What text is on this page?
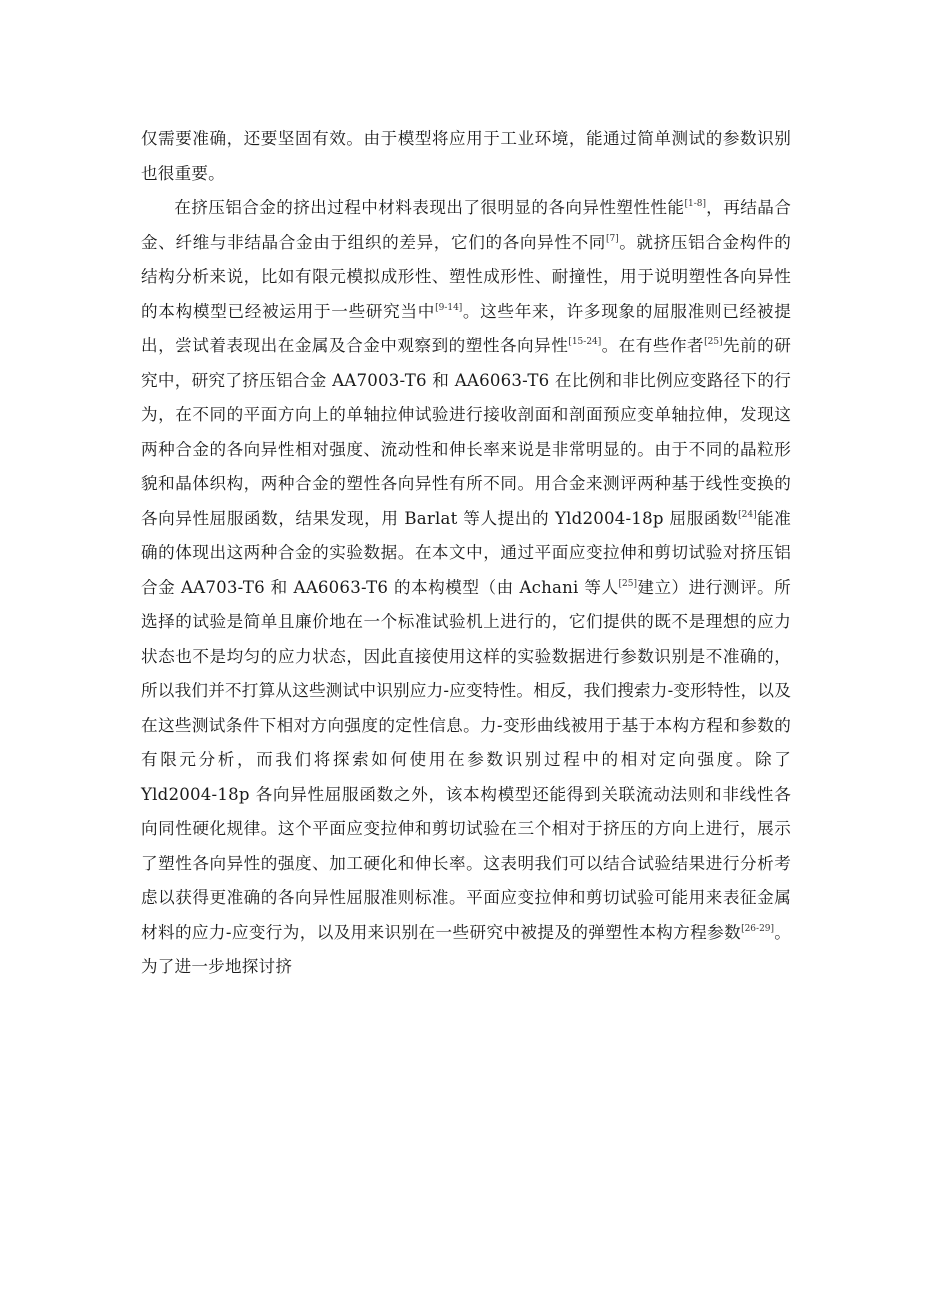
仅需要准确，还要坚固有效。由于模型将应用于工业环境，能通过简单测试的参数识别也很重要。

在挤压铝合金的挤出过程中材料表现出了很明显的各向异性塑性性能[1-8]，再结晶合金、纤维与非结晶合金由于组织的差异，它们的各向异性不同[7]。就挤压铝合金构件的结构分析来说，比如有限元模拟成形性、塑性成形性、耐撞性，用于说明塑性各向异性的本构模型已经被运用于一些研究当中[9-14]。这些年来，许多现象的屈服准则已经被提出，尝试着表现出在金属及合金中观察到的塑性各向异性[15-24]。在有些作者[25]先前的研究中，研究了挤压铝合金 AA7003-T6 和 AA6063-T6 在比例和非比例应变路径下的行为，在不同的平面方向上的单轴拉伸试验进行接收剖面和剖面预应变单轴拉伸，发现这两种合金的各向异性相对强度、流动性和伸长率来说是非常明显的。由于不同的晶粒形貌和晶体织构，两种合金的塑性各向异性有所不同。用合金来测评两种基于线性变换的各向异性屈服函数，结果发现，用 Barlat 等人提出的 Yld2004-18p 屈服函数[24]能准确的体现出这两种合金的实验数据。在本文中，通过平面应变拉伸和剪切试验对挤压铝合金 AA703-T6 和 AA6063-T6 的本构模型（由 Achani 等人[25]建立）进行测评。所选择的试验是简单且廉价地在一个标准试验机上进行的，它们提供的既不是理想的应力状态也不是均匀的应力状态，因此直接使用这样的实验数据进行参数识别是不准确的，所以我们并不打算从这些测试中识别应力-应变特性。相反，我们搜索力-变形特性，以及在这些测试条件下相对方向强度的定性信息。力-变形曲线被用于基于本构方程和参数的有限元分析，而我们将探索如何使用在参数识别过程中的相对定向强度。除了 Yld2004-18p 各向异性屈服函数之外，该本构模型还能得到关联流动法则和非线性各向同性硬化规律。这个平面应变拉伸和剪切试验在三个相对于挤压的方向上进行，展示了塑性各向异性的强度、加工硬化和伸长率。这表明我们可以结合试验结果进行分析考虑以获得更准确的各向异性屈服准则标准。平面应变拉伸和剪切试验可能用来表征金属材料的应力-应变行为，以及用来识别在一些研究中被提及的弹塑性本构方程参数[26-29]。为了进一步地探讨挤
